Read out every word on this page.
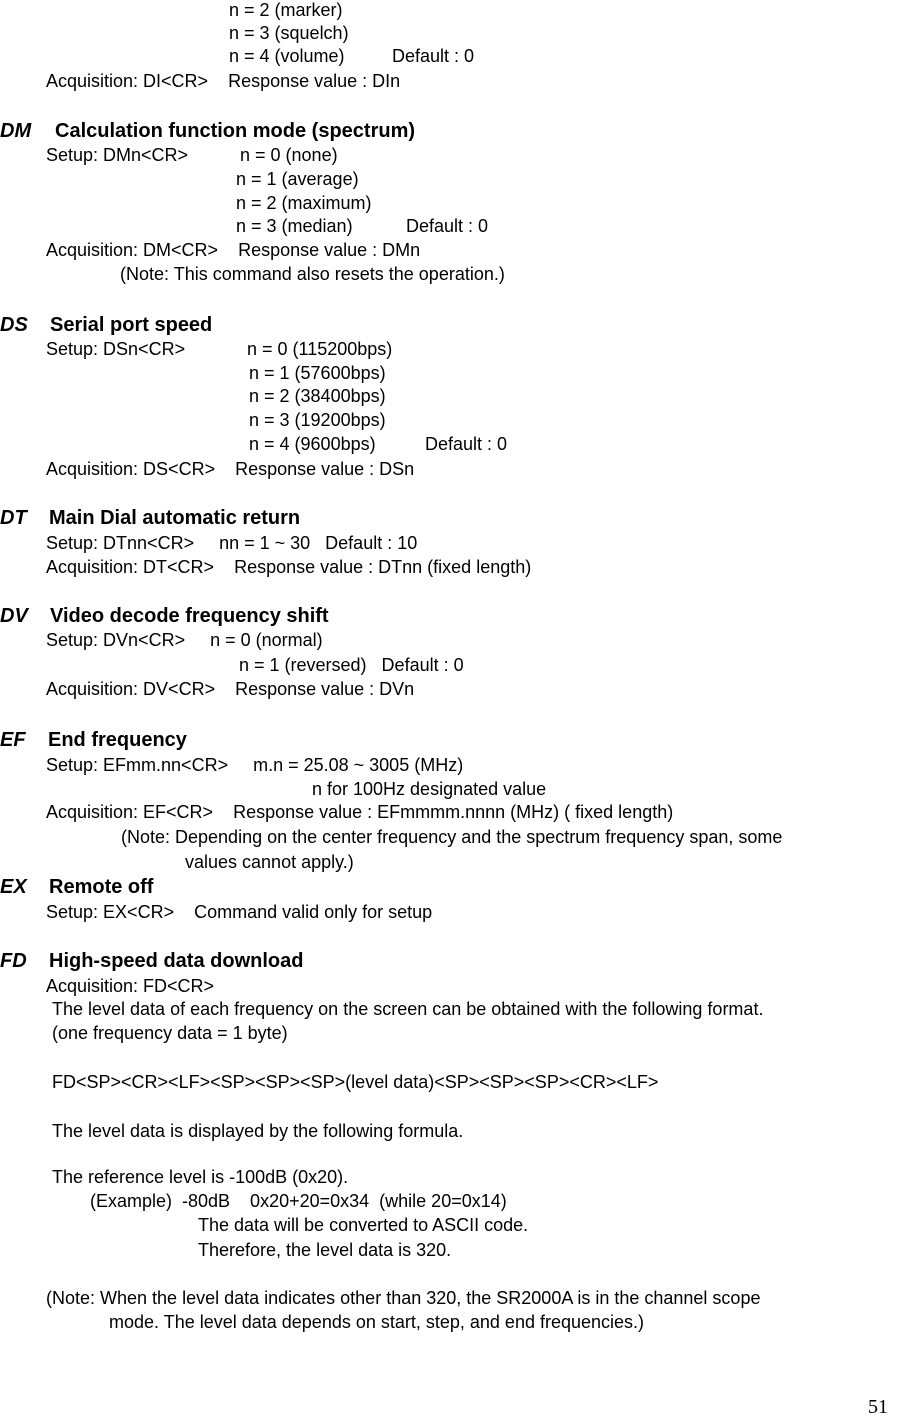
n = 2 (marker)
n = 3 (squelch)
n = 4 (volume)	Default : 0
Acquisition: DI<CR>    Response value : DIn
DM Calculation function mode (spectrum)
Setup: DMn<CR>	n = 0 (none)
n = 1 (average)
n = 2 (maximum)
n = 3 (median)	Default : 0
Acquisition: DM<CR>    Response value : DMn
(Note: This command also resets the operation.)
DS Serial port speed
Setup: DSn<CR>	n = 0 (115200bps)
n = 1 (57600bps)
n = 2 (38400bps)
n = 3 (19200bps)
n = 4 (9600bps)	Default : 0
Acquisition: DS<CR>    Response value : DSn
DT Main Dial automatic return
Setup: DTnn<CR>     nn = 1 ~ 30   Default : 10
Acquisition: DT<CR>    Response value : DTnn (fixed length)
DV Video decode frequency shift
Setup: DVn<CR>     n = 0 (normal)
n = 1 (reversed)   Default : 0
Acquisition: DV<CR>    Response value : DVn
EF End frequency
Setup: EFmm.nn<CR>     m.n = 25.08 ~ 3005 (MHz)
n for 100Hz designated value
Acquisition: EF<CR>    Response value : EFmmmm.nnnn (MHz) ( fixed length)
(Note: Depending on the center frequency and the spectrum frequency span, some
values cannot apply.)
EX Remote off
Setup: EX<CR>    Command valid only for setup
FD High-speed data download
Acquisition: FD<CR>
The level data of each frequency on the screen can be obtained with the following format.
(one frequency data = 1 byte)
FD<SP><CR><LF><SP><SP><SP>(level data)<SP><SP><SP><CR><LF>
The level data is displayed by the following formula.
The reference level is -100dB (0x20).
(Example)  -80dB    0x20+20=0x34  (while 20=0x14)
The data will be converted to ASCII code.
Therefore, the level data is 320.
(Note: When the level data indicates other than 320, the SR2000A is in the channel scope
mode. The level data depends on start, step, and end frequencies.)
51
